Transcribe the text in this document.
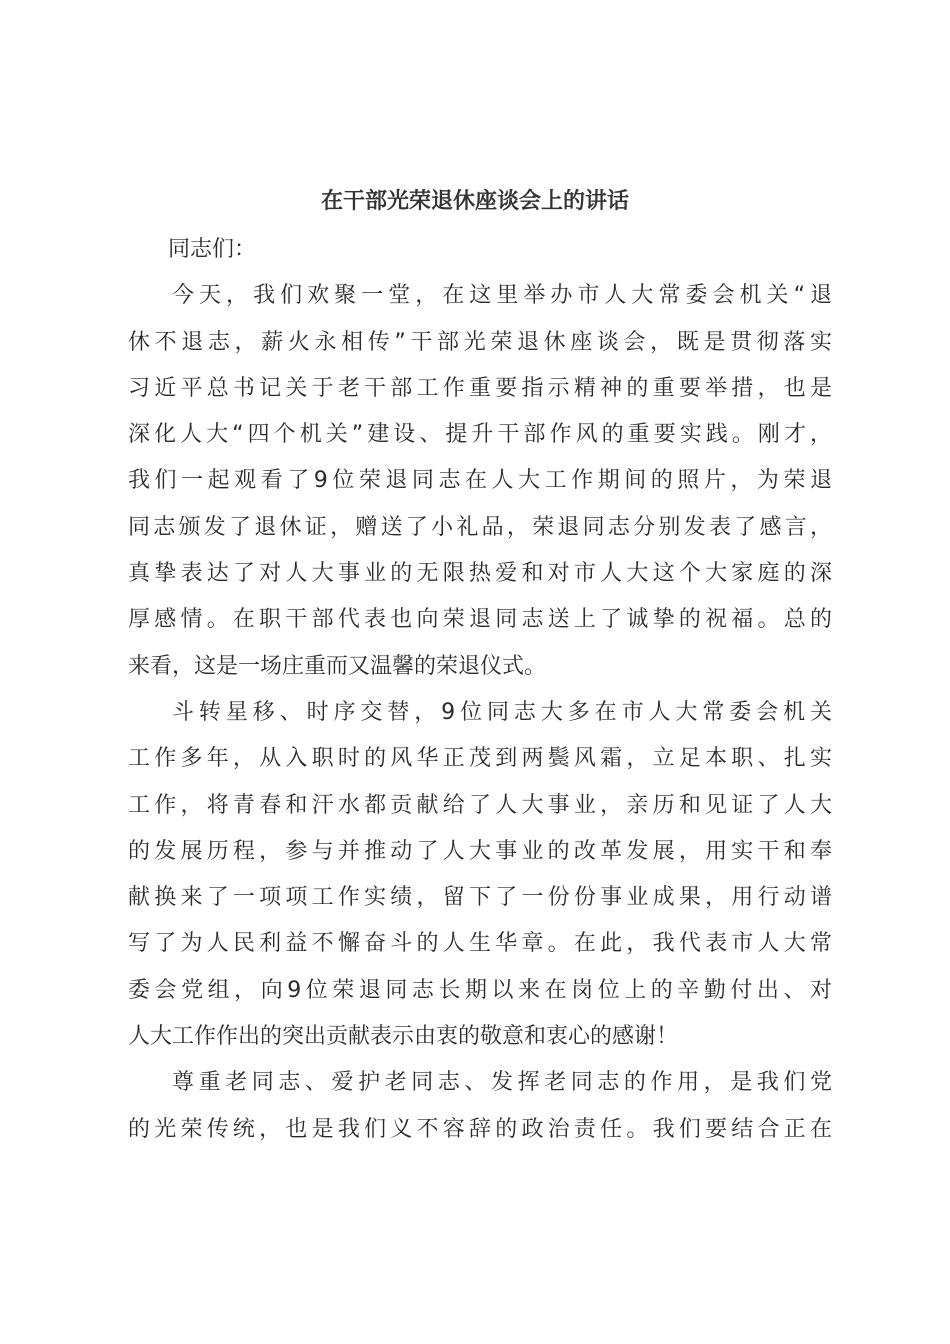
在干部光荣退休座谈会上的讲话
同志们：
今天，我们欢聚一堂，在这里举办市人大常委会机关“退
休不退志，薪火永相传”干部光荣退休座谈会，既是贯彻落实
习近平总书记关于老干部工作重要指示精神的重要举措，也是
深化人大“四个机关”建设、提升干部作风的重要实践。刚才，
我们一起观看了9位荣退同志在人大工作期间的照片，为荣退
同志颁发了退休证，赠送了小礼品，荣退同志分别发表了感言，
真挚表达了对人大事业的无限热爱和对市人大这个大家庭的深
厚感情。在职干部代表也向荣退同志送上了诚挚的祝福。总的
来看，这是一场庄重而又温馨的荣退仪式。
斗转星移、时序交替，9位同志大多在市人大常委会机关
工作多年，从入职时的风华正茂到两鬓风霜，立足本职、扎实
工作，将青春和汗水都贡献给了人大事业，亲历和见证了人大
的发展历程，参与并推动了人大事业的改革发展，用实干和奉
献换来了一项项工作实绩，留下了一份份事业成果，用行动谱
写了为人民利益不懈奋斗的人生华章。在此，我代表市人大常
委会党组，向9位荣退同志长期以来在岗位上的辛勤付出、对
人大工作作出的突出贡献表示由衷的敬意和衷心的感谢！
尊重老同志、爱护老同志、发挥老同志的作用，是我们党
的光荣传统，也是我们义不容辞的政治责任。我们要结合正在
